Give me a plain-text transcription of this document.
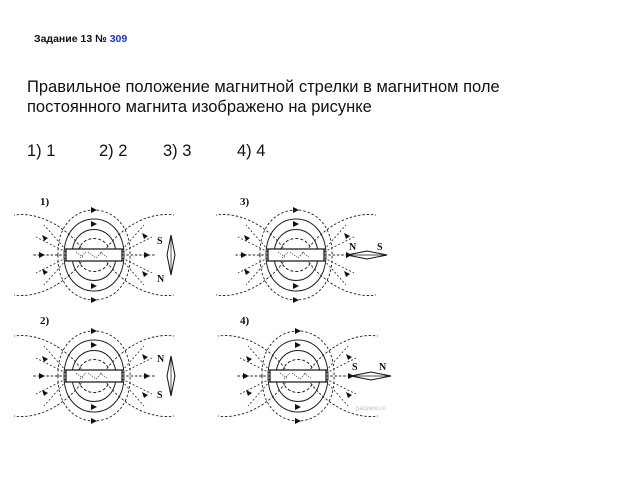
Задание 13 № 309
Правильное положение магнитной стрелки в магнитном поле постоянного магнита изображено на рисунке
1) 1	2) 2 3) 3	4) 4
1)
S
N
2)
N
S
3)
N S
4)
S N
pacyeno.ru
